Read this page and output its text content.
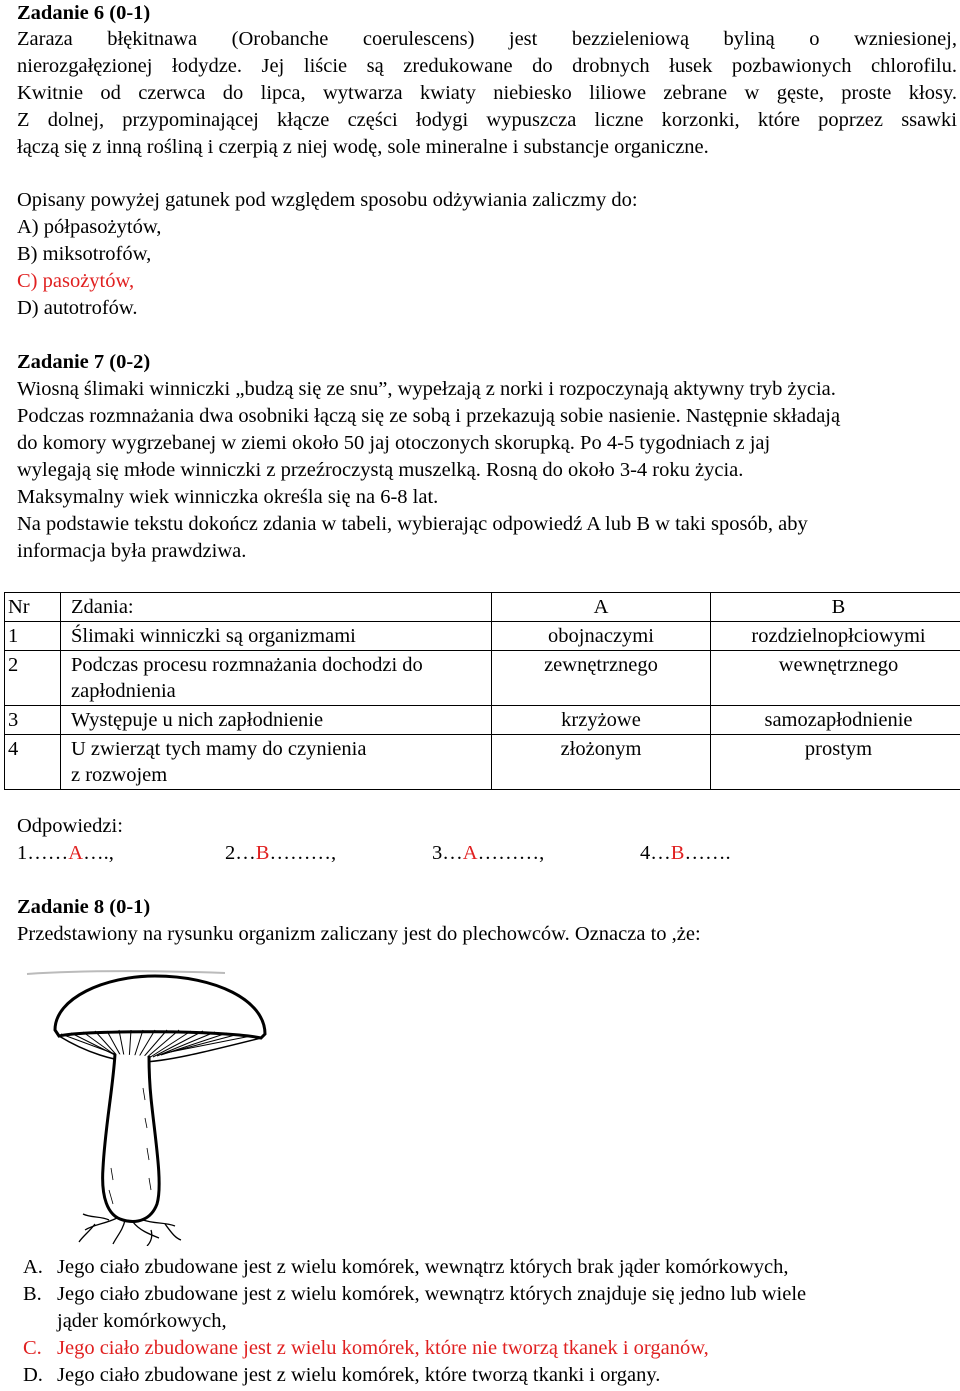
Zadanie 6 (0-1)
Zaraza błękitnawa (Orobanche coerulescens) jest bezzieleniową byliną o wzniesionej,
nierozgałęzionej łodydze. Jej liście są zredukowane do drobnych łusek pozbawionych chlorofilu.
Kwitnie od czerwca do lipca, wytwarza kwiaty niebiesko liliowe zebrane w gęste, proste kłosy.
Z dolnej, przypominającej kłącze części łodygi wypuszcza liczne korzonki, które poprzez ssawki
łączą się z inną rośliną i czerpią z niej wodę, sole mineralne i substancje organiczne.
Opisany powyżej gatunek pod względem sposobu odżywiania zaliczmy do:
A) półpasożytów,
B) miksotrofów,
C) pasożytów,
D) autotrofów.
Zadanie 7 (0-2)
Wiosną ślimaki winniczki „budzą się ze snu”, wypełzają z norki i rozpoczynają aktywny tryb życia.
Podczas rozmnażania dwa osobniki łączą się ze sobą i przekazują sobie nasienie. Następnie składają
do komory wygrzebanej w ziemi około 50 jaj otoczonych skorupką. Po 4-5 tygodniach z jaj
wylegają się młode winniczki z przeźroczystą muszelką. Rosną do około 3-4 roku życia.
Maksymalny wiek winniczka określa się na 6-8 lat.
Na podstawie tekstu dokończ zdania w tabeli, wybierając odpowiedź A lub B w taki sposób, aby
informacja była prawdziwa.
Nr	Zdania:	A	B
1	Ślimaki winniczki są organizmami	obojnaczymi	rozdzielnopłciowymi
2	Podczas procesu rozmnażania dochodzi do
zapłodnienia	zewnętrznego	wewnętrznego
3	Występuje u nich zapłodnienie	krzyżowe	samozapłodnienie
4	U zwierząt tych mamy do czynienia
z rozwojem	złożonym	prostym
Odpowiedzi:
1……A….,	2…B………,	3…A………,	4…B…….
Zadanie 8 (0-1)
Przedstawiony na rysunku organizm zaliczany jest do plechowców. Oznacza to ,że:
A. Jego ciało zbudowane jest z wielu komórek, wewnątrz których brak jąder komórkowych,
B. Jego ciało zbudowane jest z wielu komórek, wewnątrz których znajduje się jedno lub wiele
jąder komórkowych,
C. Jego ciało zbudowane jest z wielu komórek, które nie tworzą tkanek i organów,
D. Jego ciało zbudowane jest z wielu komórek, które tworzą tkanki i organy.
